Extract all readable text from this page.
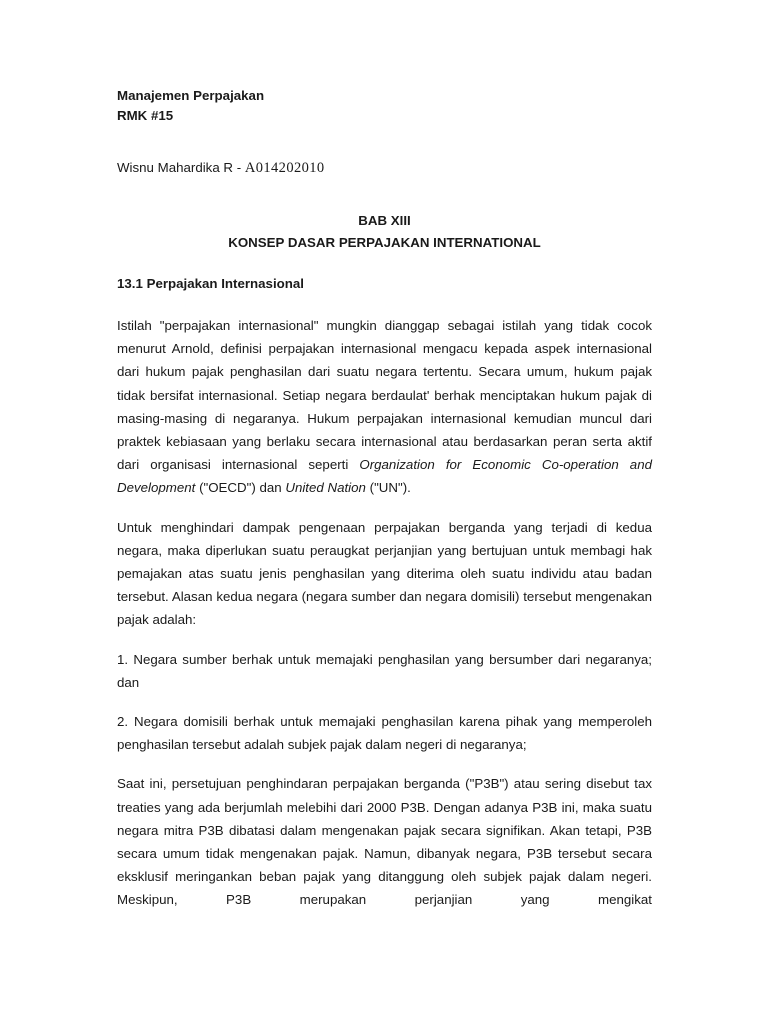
Manajemen Perpajakan

RMK #15

Wisnu Mahardika R - A014202010

BAB XIII

KONSEP DASAR PERPAJAKAN INTERNATIONAL

13.1 Perpajakan Internasional

Istilah "perpajakan internasional" mungkin dianggap sebagai istilah yang tidak cocok menurut Arnold, definisi perpajakan internasional mengacu kepada aspek internasional dari hukum pajak penghasilan dari suatu negara tertentu. Secara umum, hukum pajak tidak bersifat internasional. Setiap negara berdaulat' berhak menciptakan hukum pajak di masing-masing di negaranya. Hukum perpajakan internasional kemudian muncul dari praktek kebiasaan yang berlaku secara internasional atau berdasarkan peran serta aktif dari organisasi internasional seperti Organization for Economic Co-operation and Development ("OECD") dan United Nation ("UN").

Untuk menghindari dampak pengenaan perpajakan berganda yang terjadi di kedua negara, maka diperlukan suatu peraugkat perjanjian yang bertujuan untuk membagi hak pemajakan atas suatu jenis penghasilan yang diterima oleh suatu individu atau badan tersebut. Alasan kedua negara (negara sumber dan negara domisili) tersebut mengenakan pajak adalah:

1. Negara sumber berhak untuk memajaki penghasilan yang bersumber dari negaranya; dan

2. Negara domisili berhak untuk memajaki penghasilan karena pihak yang memperoleh penghasilan tersebut adalah subjek pajak dalam negeri di negaranya;

Saat ini, persetujuan penghindaran perpajakan berganda ("P3B") atau sering disebut tax treaties yang ada berjumlah melebihi dari 2000 P3B. Dengan adanya P3B ini, maka suatu negara mitra P3B dibatasi dalam mengenakan pajak secara signifikan. Akan tetapi, P3B secara umum tidak mengenakan pajak. Namun, dibanyak negara, P3B tersebut secara eksklusif meringankan beban pajak yang ditanggung oleh subjek pajak dalam negeri. Meskipun, P3B merupakan perjanjian yang mengikat
